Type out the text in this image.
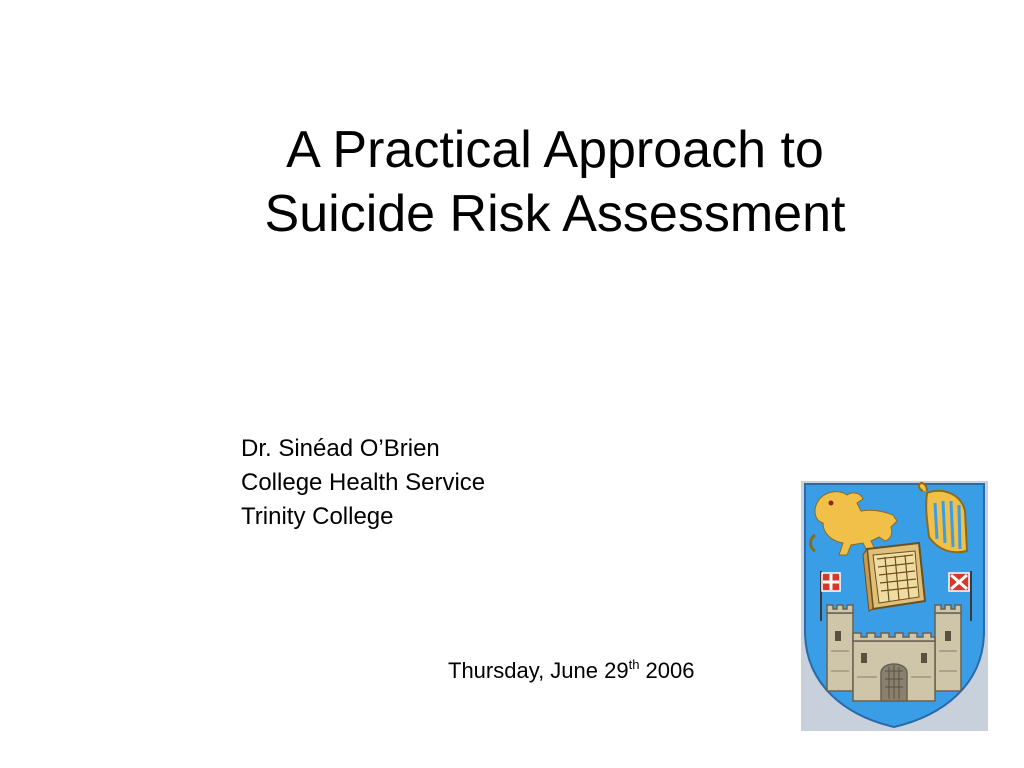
A Practical Approach to
Suicide Risk Assessment
Dr. Sinéad O’Brien
College Health Service
Trinity College
Thursday, June 29th 2006
